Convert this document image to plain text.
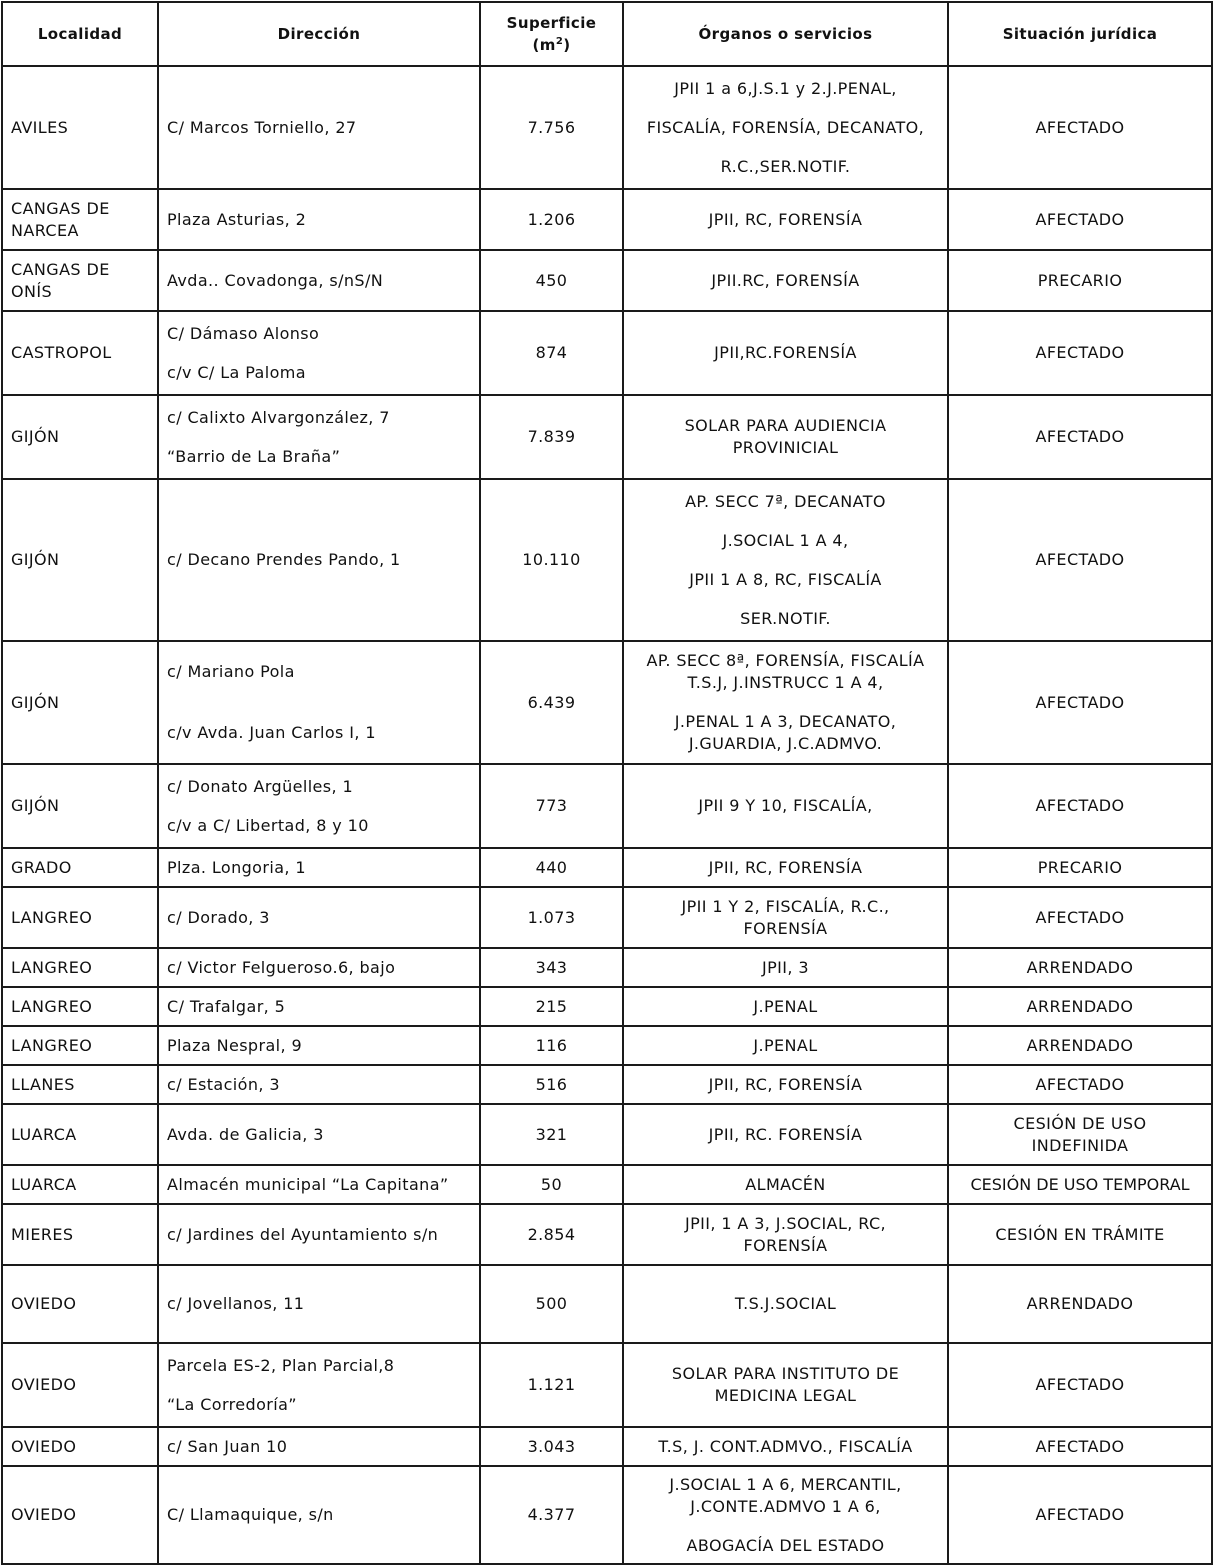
Localidad	Dirección	Superficie $(m^2)$	Órganos o servicios	Situación jurídica
AVILES	C/ Marcos Torniello, 27	7.756	JPII 1 a 6,J.S.1 y 2.J.PENAL,
FISCALÍA, FORENSÍA, DECANATO,
R.C.,SER.NOTIF.	AFECTADO
CANGAS DE NARCEA	Plaza Asturias, 2	1.206	JPII, RC, FORENSÍA	AFECTADO
CANGAS DE ONÍS	Avda.. Covadonga, s/nS/N	450	JPII.RC, FORENSÍA	PRECARIO
CASTROPOL	C/ Dámaso Alonso
c/v C/ La Paloma	874	JPII,RC.FORENSÍA	AFECTADO
GIJÓN	c/ Calixto Alvargonzález, 7
“Barrio de La Braña”	7.839	SOLAR PARA AUDIENCIA
PROVINICIAL	AFECTADO
GIJÓN	c/ Decano Prendes Pando, 1	10.110	AP. SECC 7ª, DECANATO
J.SOCIAL 1 A 4,
JPII 1 A 8, RC, FISCALÍA
SER.NOTIF.	AFECTADO
GIJÓN	c/ Mariano Pola
c/v Avda. Juan Carlos I, 1	6.439	AP. SECC 8ª, FORENSÍA, FISCALÍA
T.S.J, J.INSTRUCC 1 A 4,
J.PENAL 1 A 3, DECANATO,
J.GUARDIA, J.C.ADMVO.	AFECTADO
GIJÓN	c/ Donato Argüelles, 1
c/v a C/ Libertad, 8 y 10	773	JPII 9 Y 10, FISCALÍA,	AFECTADO
GRADO	Plza. Longoria, 1	440	JPII, RC, FORENSÍA	PRECARIO
LANGREO	c/ Dorado, 3	1.073	JPII 1 Y 2, FISCALÍA, R.C.,
FORENSÍA	AFECTADO
LANGREO	c/ Victor Felgueroso.6, bajo	343	JPII, 3	ARRENDADO
LANGREO	C/ Trafalgar, 5	215	J.PENAL	ARRENDADO
LANGREO	Plaza Nespral, 9	116	J.PENAL	ARRENDADO
LLANES	c/ Estación, 3	516	JPII, RC, FORENSÍA	AFECTADO
LUARCA	Avda. de Galicia, 3	321	JPII, RC. FORENSÍA	CESIÓN DE USO INDEFINIDA
LUARCA	Almacén municipal “La Capitana”	50	ALMACÉN	CESIÓN DE USO TEMPORAL
MIERES	c/ Jardines del Ayuntamiento s/n	2.854	JPII, 1 A 3, J.SOCIAL, RC,
FORENSÍA	CESIÓN EN TRÁMITE
OVIEDO	c/ Jovellanos, 11	500	T.S.J.SOCIAL	ARRENDADO
OVIEDO	Parcela ES-2, Plan Parcial,8
“La Corredoría”	1.121	SOLAR PARA INSTITUTO DE
MEDICINA LEGAL	AFECTADO
OVIEDO	c/ San Juan 10	3.043	T.S, J. CONT.ADMVO., FISCALÍA	AFECTADO
OVIEDO	C/ Llamaquique, s/n	4.377	J.SOCIAL 1 A 6, MERCANTIL,
J.CONTE.ADMVO 1 A 6,
ABOGACÍA DEL ESTADO	AFECTADO
